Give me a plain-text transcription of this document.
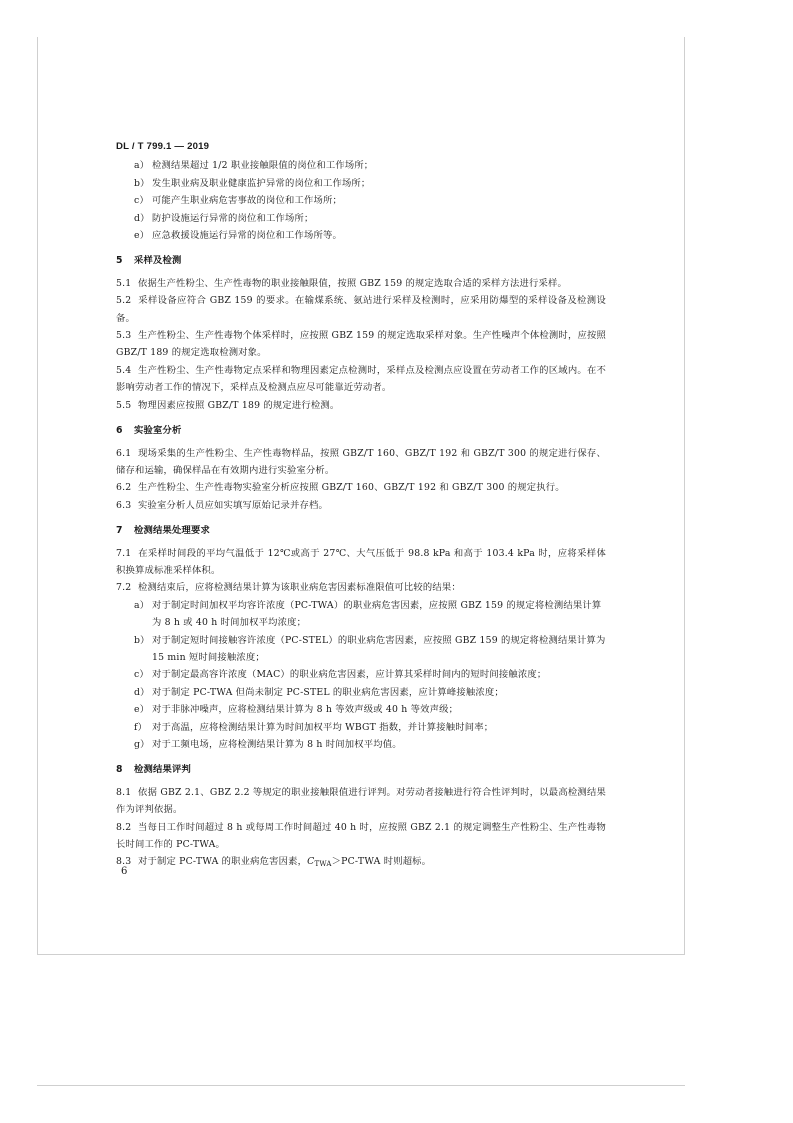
DL / T 799.1 — 2019
a） 检测结果超过 1/2 职业接触限值的岗位和工作场所；
b） 发生职业病及职业健康监护异常的岗位和工作场所；
c） 可能产生职业病危害事故的岗位和工作场所；
d） 防护设施运行异常的岗位和工作场所；
e） 应急救援设施运行异常的岗位和工作场所等。
5 采样及检测
5.1 依据生产性粉尘、生产性毒物的职业接触限值，按照 GBZ 159 的规定选取合适的采样方法进行采样。
5.2 采样设备应符合 GBZ 159 的要求。在输煤系统、氨站进行采样及检测时，应采用防爆型的采样设备及检测设备。
5.3 生产性粉尘、生产性毒物个体采样时，应按照 GBZ 159 的规定选取采样对象。生产性噪声个体检测时，应按照 GBZ/T 189 的规定选取检测对象。
5.4 生产性粉尘、生产性毒物定点采样和物理因素定点检测时，采样点及检测点应设置在劳动者工作的区域内。在不影响劳动者工作的情况下，采样点及检测点应尽可能靠近劳动者。
5.5 物理因素应按照 GBZ/T 189 的规定进行检测。
6 实验室分析
6.1 现场采集的生产性粉尘、生产性毒物样品，按照 GBZ/T 160、GBZ/T 192 和 GBZ/T 300 的规定进行保存、储存和运输，确保样品在有效期内进行实验室分析。
6.2 生产性粉尘、生产性毒物实验室分析应按照 GBZ/T 160、GBZ/T 192 和 GBZ/T 300 的规定执行。
6.3 实验室分析人员应如实填写原始记录并存档。
7 检测结果处理要求
7.1 在采样时间段的平均气温低于 12℃或高于 27℃、大气压低于 98.8 kPa 和高于 103.4 kPa 时，应将采样体积换算成标准采样体积。
7.2 检测结束后，应将检测结果计算为该职业病危害因素标准限值可比较的结果：
a） 对于制定时间加权平均容许浓度（PC-TWA）的职业病危害因素，应按照 GBZ 159 的规定将检测结果计算为 8 h 或 40 h 时间加权平均浓度；
b） 对于制定短时间接触容许浓度（PC-STEL）的职业病危害因素，应按照 GBZ 159 的规定将检测结果计算为 15 min 短时间接触浓度；
c） 对于制定最高容许浓度（MAC）的职业病危害因素，应计算其采样时间内的短时间接触浓度；
d） 对于制定 PC-TWA 但尚未制定 PC-STEL 的职业病危害因素，应计算峰接触浓度；
e） 对于非脉冲噪声，应将检测结果计算为 8 h 等效声级或 40 h 等效声级；
f） 对于高温，应将检测结果计算为时间加权平均 WBGT 指数，并计算接触时间率；
g） 对于工频电场，应将检测结果计算为 8 h 时间加权平均值。
8 检测结果评判
8.1 依据 GBZ 2.1、GBZ 2.2 等规定的职业接触限值进行评判。对劳动者接触进行符合性评判时，以最高检测结果作为评判依据。
8.2 当每日工作时间超过 8 h 或每周工作时间超过 40 h 时，应按照 GBZ 2.1 的规定调整生产性粉尘、生产性毒物长时间工作的 PC-TWA。
8.3 对于制定 PC-TWA 的职业病危害因素，CTWA＞PC-TWA 时则超标。
6
